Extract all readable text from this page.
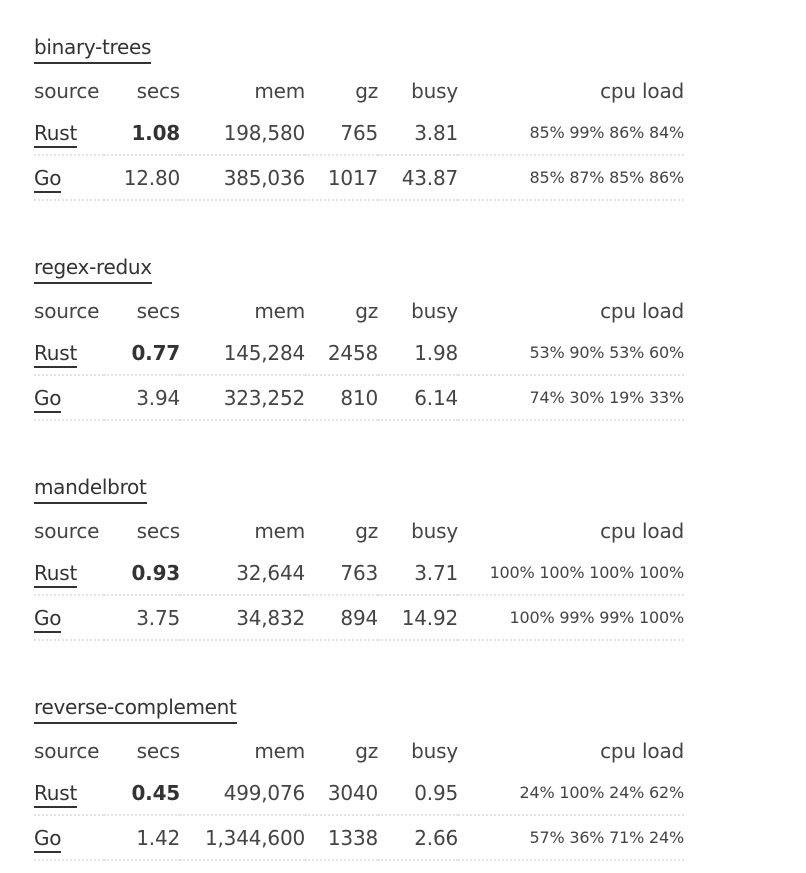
binary-trees
source	secs	mem	gz	busy	cpu load
Rust	1.08	198,580	765	3.81	85% 99% 86% 84%
Go	12.80	385,036	1017	43.87	85% 87% 85% 86%
regex-redux
source	secs	mem	gz	busy	cpu load
Rust	0.77	145,284	2458	1.98	53% 90% 53% 60%
Go	3.94	323,252	810	6.14	74% 30% 19% 33%
mandelbrot
source	secs	mem	gz	busy	cpu load
Rust	0.93	32,644	763	3.71	100% 100% 100% 100%
Go	3.75	34,832	894	14.92	100% 99% 99% 100%
reverse-complement
source	secs	mem	gz	busy	cpu load
Rust	0.45	499,076	3040	0.95	24% 100% 24% 62%
Go	1.42	1,344,600	1338	2.66	57% 36% 71% 24%
